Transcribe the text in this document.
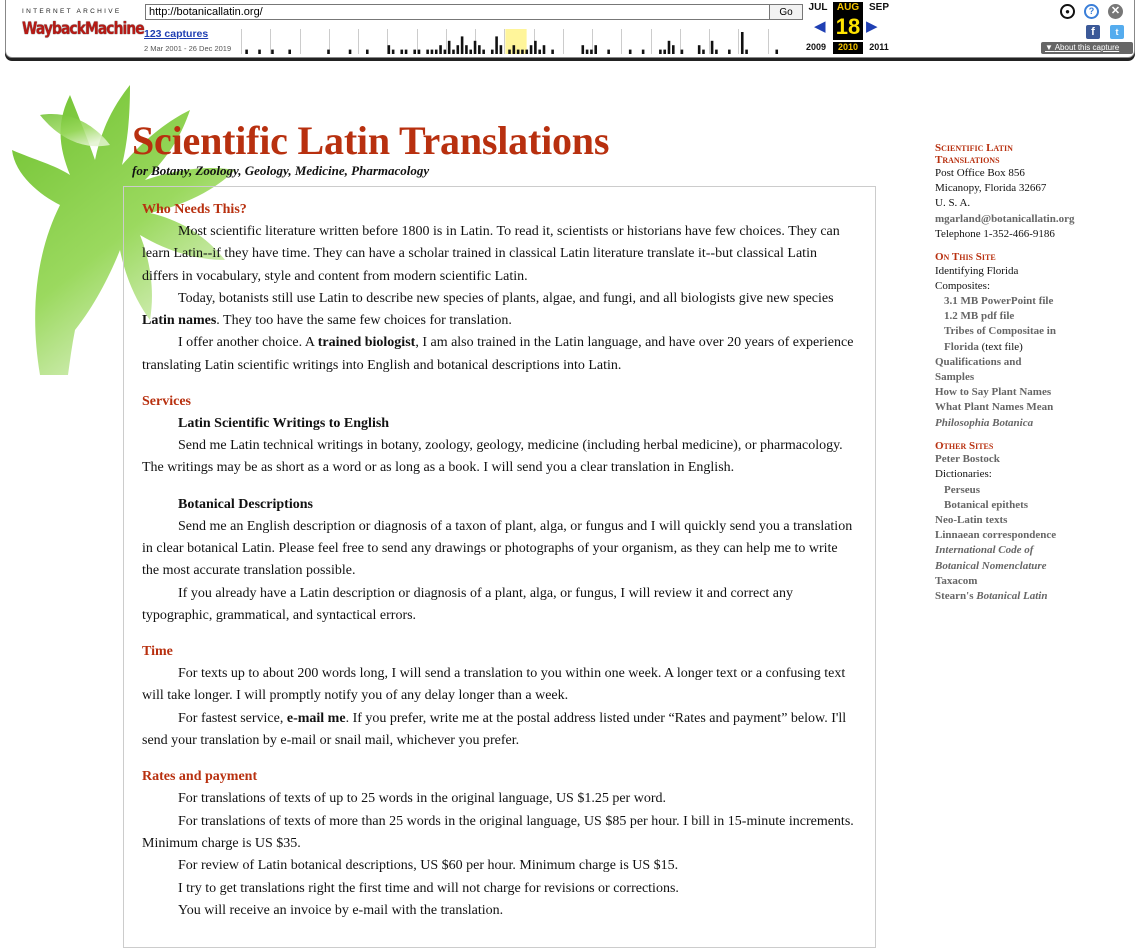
INTERNET ARCHIVE
WaybackMachine
http://botanicallatin.org/
Go
123 captures
2 Mar 2001 - 26 Dec 2019
JUL AUG SEP
◀ 18 ▶
2009	2010	2011
●	?	✕
f	t
▼ About this capture
Scientific Latin Translations
for Botany, Zoology, Geology, Medicine, Pharmacology
Who Needs This?

Most scientific literature written before 1800 is in Latin. To read it, scientists or historians have few choices. They can learn Latin--if they have time. They can have a scholar trained in classical Latin literature translate it--but classical Latin differs in vocabulary, style and content from modern scientific Latin.

Today, botanists still use Latin to describe new species of plants, algae, and fungi, and all biologists give new species Latin names. They too have the same few choices for translation.

I offer another choice. A trained biologist, I am also trained in the Latin language, and have over 20 years of experience translating Latin scientific writings into English and botanical descriptions into Latin.

Services
Latin Scientific Writings to English

Send me Latin technical writings in botany, zoology, geology, medicine (including herbal medicine), or pharmacology. The writings may be as short as a word or as long as a book. I will send you a clear translation in English.

Botanical Descriptions

Send me an English description or diagnosis of a taxon of plant, alga, or fungus and I will quickly send you a translation in clear botanical Latin. Please feel free to send any drawings or photographs of your organism, as they can help me to write the most accurate translation possible.

If you already have a Latin description or diagnosis of a plant, alga, or fungus, I will review it and correct any typographic, grammatical, and syntactical errors.

Time

For texts up to about 200 words long, I will send a translation to you within one week. A longer text or a confusing text will take longer. I will promptly notify you of any delay longer than a week.

For fastest service, e-mail me. If you prefer, write me at the postal address listed under “Rates and payment” below. I'll send your translation by e-mail or snail mail, whichever you prefer.

Rates and payment

For translations of texts of up to 25 words in the original language, US $1.25 per word.

For translations of texts of more than 25 words in the original language, US $85 per hour. I bill in 15-minute increments. Minimum charge is US $35.

For review of Latin botanical descriptions, US $60 per hour. Minimum charge is US $15.

I try to get translations right the first time and will not charge for revisions or corrections.

You will receive an invoice by e-mail with the translation.

Scientific Latin
Translations
Post Office Box 856
Micanopy, Florida 32667
U. S. A.
mgarland@botanicallatin.org
Telephone 1-352-466-9186
On This Site
Identifying Florida
Composites:
3.1 MB PowerPoint file
1.2 MB pdf file
Tribes of Compositae in
Florida (text file)
Qualifications and
Samples
How to Say Plant Names
What Plant Names Mean
Philosophia Botanica
Other Sites
Peter Bostock
Dictionaries:
Perseus
Botanical epithets
Neo-Latin texts
Linnaean correspondence
International Code of
Botanical Nomenclature
Taxacom
Stearn's Botanical Latin
